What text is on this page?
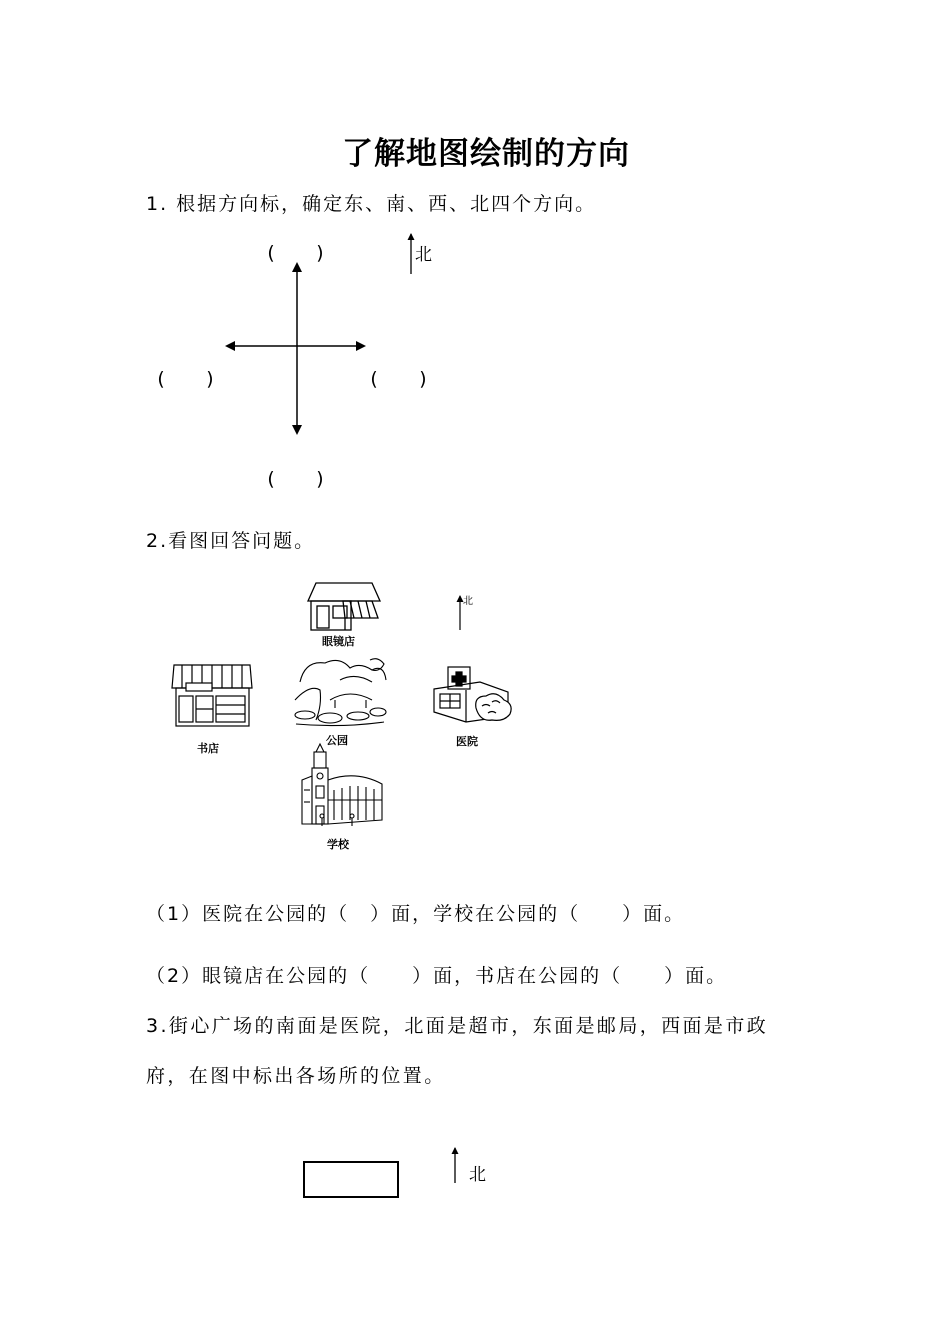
了解地图绘制的方向
1. 根据方向标，确定东、南、西、北四个方向。
(　　)
(　　)	(　　)
(　　)
北
2.看图回答问题。
北
眼镜店
书店
公园	医院
学校
（1）医院在公园的（　）面，学校在公园的（　　）面。
（2）眼镜店在公园的（　　）面，书店在公园的（　　）面。
3.街心广场的南面是医院，北面是超市，东面是邮局，西面是市政
府，在图中标出各场所的位置。
北
